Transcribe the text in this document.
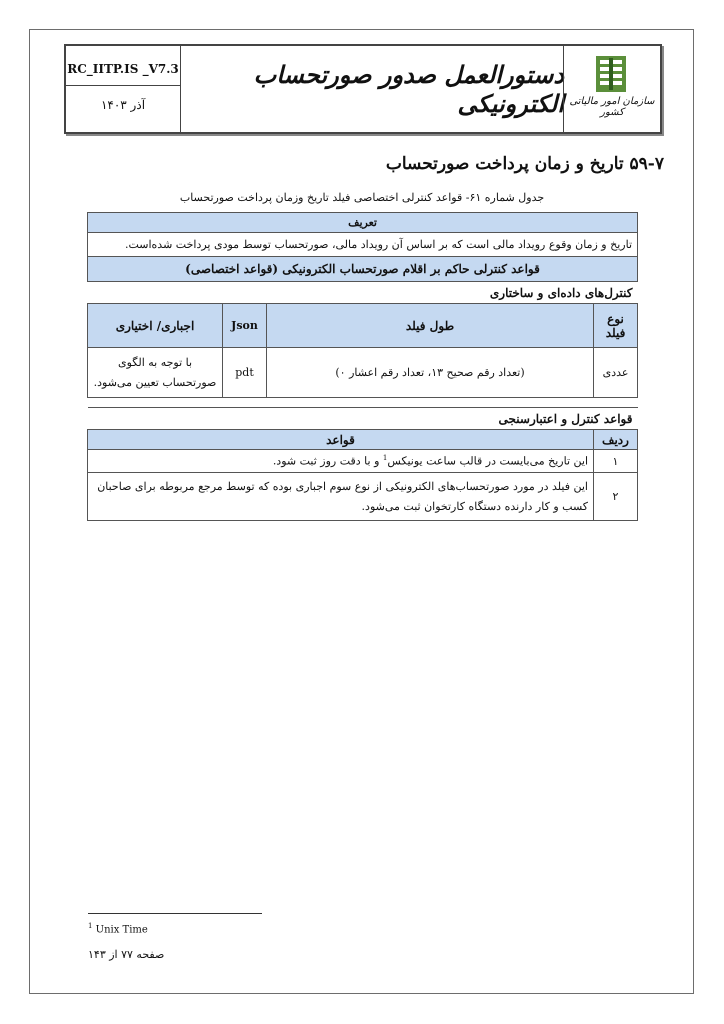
RC_IITP.IS _V7.3
آذر ۱۴۰۳
دستورالعمل صدور صورتحساب الکترونیکی سازمان امور مالیاتی کشور
۵۹-۷ تاریخ و زمان پرداخت صورتحساب
جدول شماره ۶۱- قواعد کنترلی اختصاصی فیلد تاریخ وزمان پرداخت صورتحساب
تعریف			
تاریخ و زمان وقوع رویداد مالی است که بر اساس آن رویداد مالی، صورتحساب توسط مودی پرداخت شده‌است.			
قواعد کنترلی حاکم بر اقلام صورتحساب الکترونیکی (قواعد اختصاصی)			
کنترل‌های داده‌ای و ساختاری			
نوع فیلد	طول فیلد	Json	اجباری/ اختیاری
عددی	(تعداد رقم صحیح ۱۳، تعداد رقم اعشار ۰)	pdt	با توجه به الگوی صورتحساب تعیین می‌شود.
قواعد کنترل و اعتبارسنجی	
ردیف	قواعد
۱	این تاریخ می‌بایست در قالب ساعت یونیکس$^1$ و با دقت روز ثبت شود.
۲	این فیلد در مورد صورتحساب‌های الکترونیکی از نوع سوم اجباری بوده که توسط مرجع مربوطه برای صاحبان کسب و کار دارنده دستگاه کارتخوان ثبت می‌شود.
$^1$ Unix Time
صفحه ۷۷ از ۱۴۳
